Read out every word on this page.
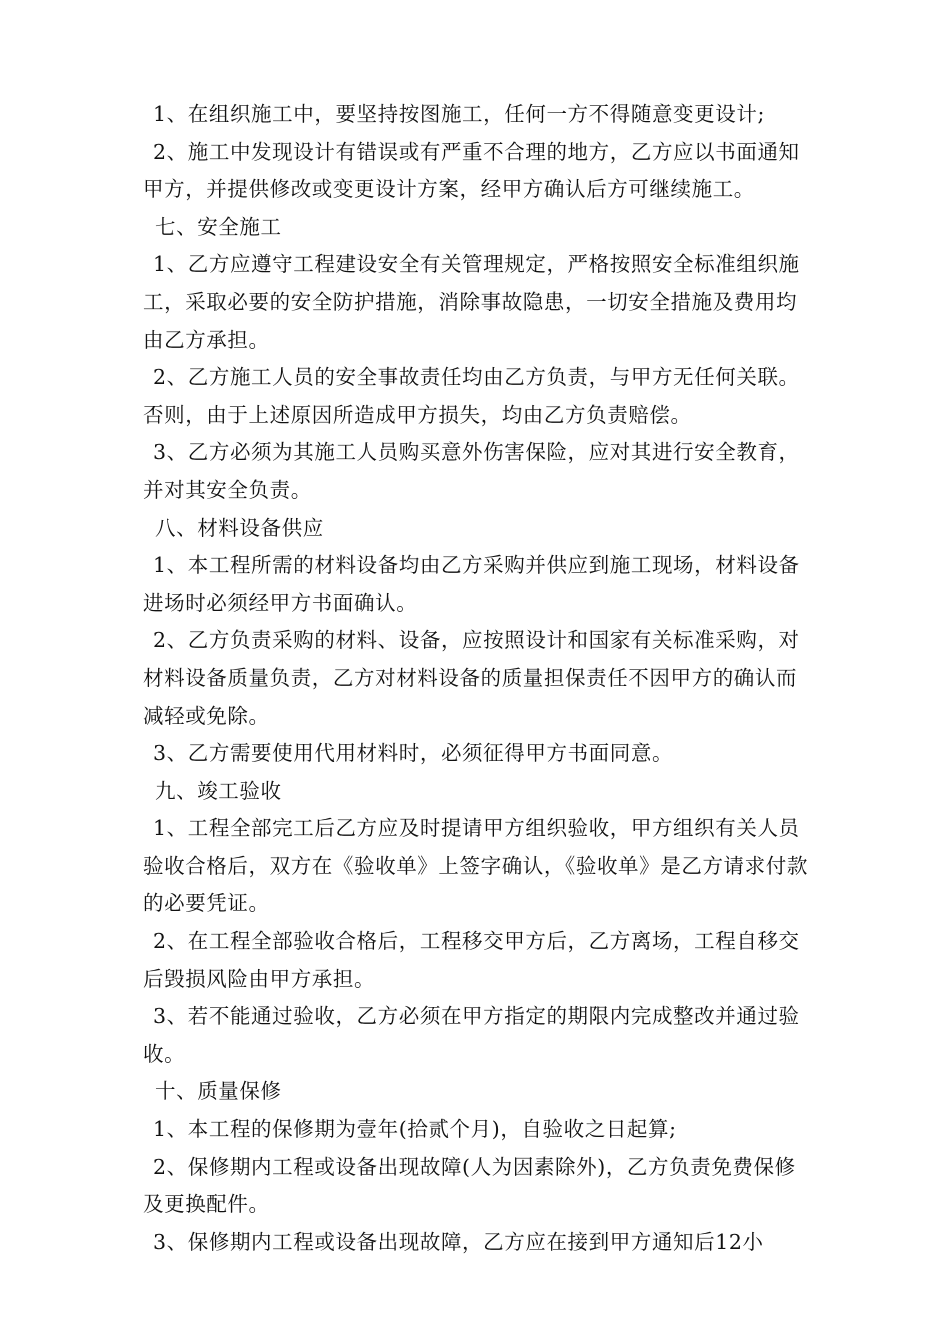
1、在组织施工中，要坚持按图施工，任何一方不得随意变更设计;

2、施工中发现设计有错误或有严重不合理的地方，乙方应以书面通知甲方，并提供修改或变更设计方案，经甲方确认后方可继续施工。

七、安全施工

1、乙方应遵守工程建设安全有关管理规定，严格按照安全标准组织施工，采取必要的安全防护措施，消除事故隐患，一切安全措施及费用均由乙方承担。

2、乙方施工人员的安全事故责任均由乙方负责，与甲方无任何关联。否则，由于上述原因所造成甲方损失，均由乙方负责赔偿。

3、乙方必须为其施工人员购买意外伤害保险，应对其进行安全教育，并对其安全负责。

八、材料设备供应

1、本工程所需的材料设备均由乙方采购并供应到施工现场，材料设备进场时必须经甲方书面确认。

2、乙方负责采购的材料、设备，应按照设计和国家有关标准采购，对材料设备质量负责，乙方对材料设备的质量担保责任不因甲方的确认而减轻或免除。

3、乙方需要使用代用材料时，必须征得甲方书面同意。

九、竣工验收

1、工程全部完工后乙方应及时提请甲方组织验收，甲方组织有关人员验收合格后，双方在《验收单》上签字确认，《验收单》是乙方请求付款的必要凭证。

2、在工程全部验收合格后，工程移交甲方后，乙方离场，工程自移交后毁损风险由甲方承担。

3、若不能通过验收，乙方必须在甲方指定的期限内完成整改并通过验收。

十、质量保修

1、本工程的保修期为壹年(拾贰个月)，自验收之日起算;

2、保修期内工程或设备出现故障(人为因素除外)，乙方负责免费保修及更换配件。

3、保修期内工程或设备出现故障，乙方应在接到甲方通知后12小
